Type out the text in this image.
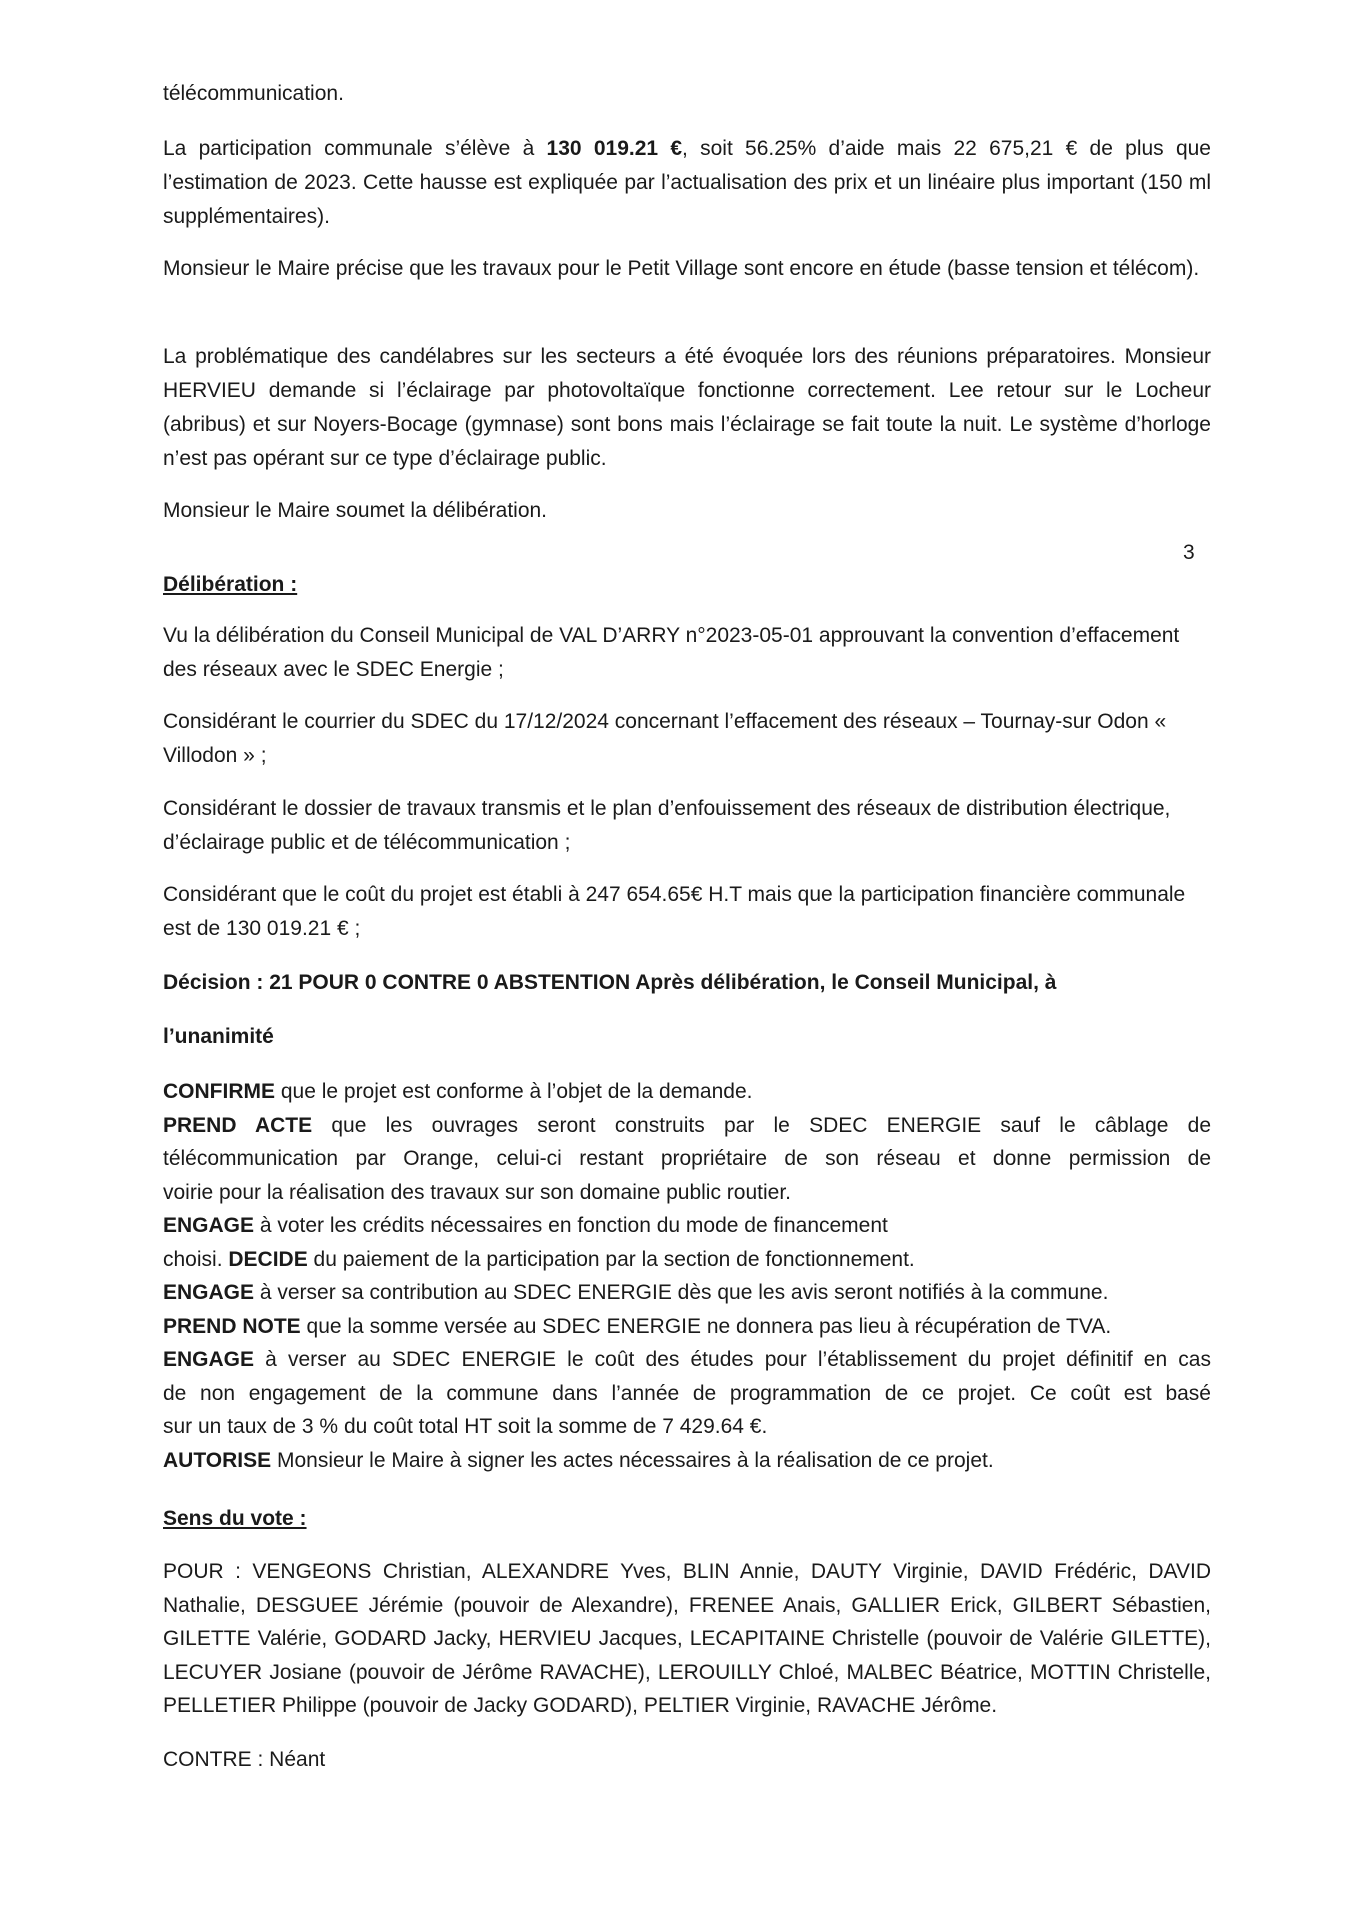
télécommunication.

La participation communale s’élève à 130 019.21 €, soit 56.25% d’aide mais 22 675,21 € de plus que l’estimation de 2023. Cette hausse est expliquée par l’actualisation des prix et un linéaire plus important (150 ml supplémentaires).

Monsieur le Maire précise que les travaux pour le Petit Village sont encore en étude (basse tension et télécom).

La problématique des candélabres sur les secteurs a été évoquée lors des réunions préparatoires. Monsieur HERVIEU demande si l’éclairage par photovoltaïque fonctionne correctement. Lee retour sur le Locheur (abribus) et sur Noyers-Bocage (gymnase) sont bons mais l’éclairage se fait toute la nuit. Le système d’horloge n’est pas opérant sur ce type d’éclairage public.

Monsieur le Maire soumet la délibération.

3
Délibération :

Vu la délibération du Conseil Municipal de VAL D’ARRY n°2023-05-01 approuvant la convention d’effacement des réseaux avec le SDEC Energie ;

Considérant le courrier du SDEC du 17/12/2024 concernant l’effacement des réseaux – Tournay-sur Odon « Villodon » ;

Considérant le dossier de travaux transmis et le plan d’enfouissement des réseaux de distribution électrique, d’éclairage public et de télécommunication ;

Considérant que le coût du projet est établi à 247 654.65€ H.T mais que la participation financière communale est de 130 019.21 € ;

Décision : 21 POUR 0 CONTRE 0 ABSTENTION Après délibération, le Conseil Municipal, à
l’unanimité
CONFIRME que le projet est conforme à l’objet de la demande.
PREND ACTE que les ouvrages seront construits par le SDEC ENERGIE sauf le câblage de
télécommunication par Orange, celui-ci restant propriétaire de son réseau et donne permission de
voirie pour la réalisation des travaux sur son domaine public routier.
ENGAGE à voter les crédits nécessaires en fonction du mode de financement
choisi. DECIDE du paiement de la participation par la section de fonctionnement.
ENGAGE à verser sa contribution au SDEC ENERGIE dès que les avis seront notifiés à la commune.
PREND NOTE que la somme versée au SDEC ENERGIE ne donnera pas lieu à récupération de TVA.
ENGAGE à verser au SDEC ENERGIE le coût des études pour l’établissement du projet définitif en cas
de non engagement de la commune dans l’année de programmation de ce projet. Ce coût est basé
sur un taux de 3 % du coût total HT soit la somme de 7 429.64 €.
AUTORISE Monsieur le Maire à signer les actes nécessaires à la réalisation de ce projet.
Sens du vote :

POUR : VENGEONS Christian, ALEXANDRE Yves, BLIN Annie, DAUTY Virginie, DAVID Frédéric, DAVID Nathalie, DESGUEE Jérémie (pouvoir de Alexandre), FRENEE Anais, GALLIER Erick, GILBERT Sébastien, GILETTE Valérie, GODARD Jacky, HERVIEU Jacques, LECAPITAINE Christelle (pouvoir de Valérie GILETTE), LECUYER Josiane (pouvoir de Jérôme RAVACHE), LEROUILLY Chloé, MALBEC Béatrice, MOTTIN Christelle, PELLETIER Philippe (pouvoir de Jacky GODARD), PELTIER Virginie, RAVACHE Jérôme.

CONTRE : Néant
